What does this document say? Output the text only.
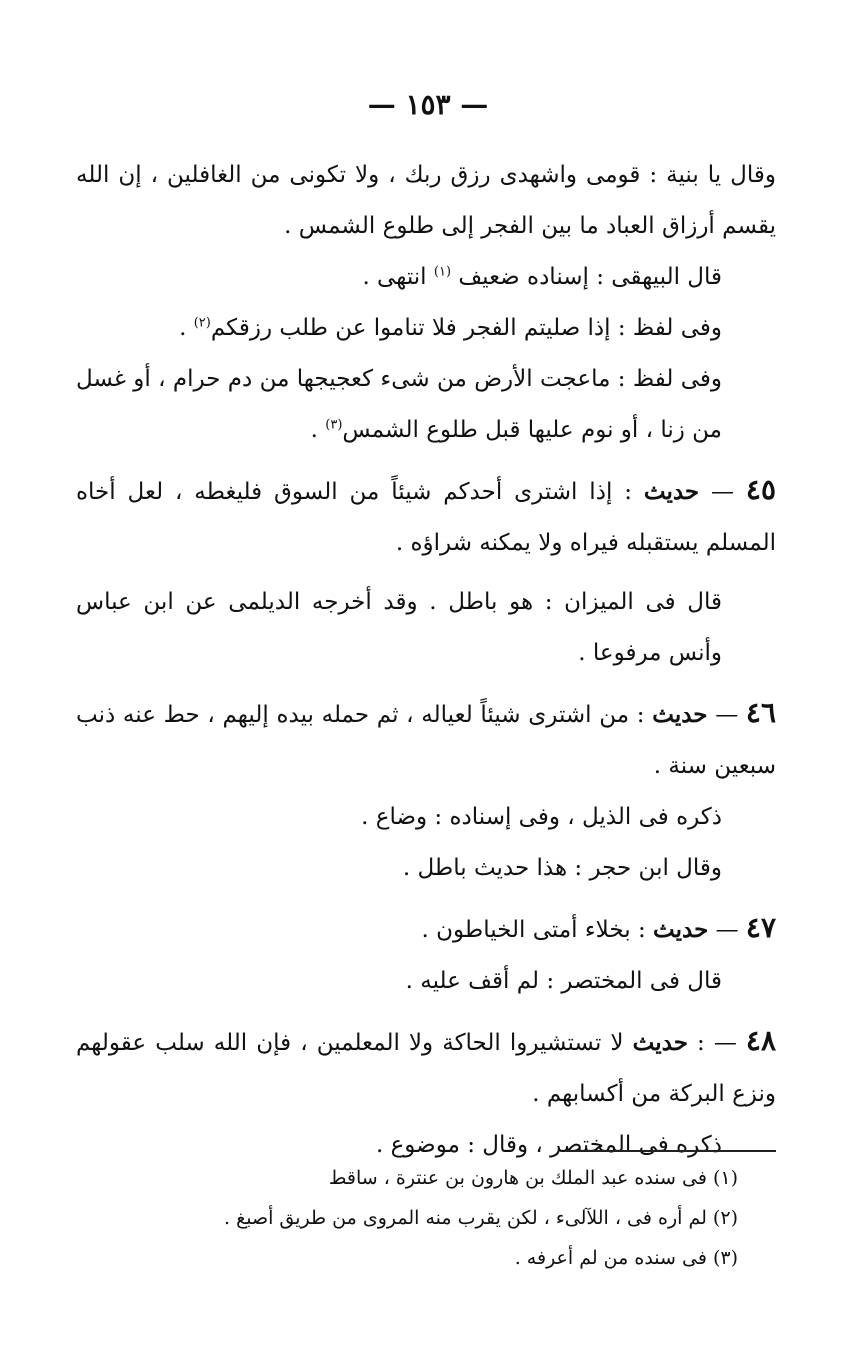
— ١٥٣ —

وقال يا بنية : قومى واشهدى رزق ربك ، ولا تكونى من الغافلين ، إن الله يقسم أرزاق العباد ما بين الفجر إلى طلوع الشمس .

قال البيهقى : إسناده ضعيف $^{(١)}$ انتهى .

وفى لفظ : إذا صليتم الفجر فلا تناموا عن طلب رزقكم$^{(٢)}$ .

وفى لفظ : ماعجت الأرض من شىء كعجيجها من دم حرام ، أو غسل من زنا ، أو نوم عليها قبل طلوع الشمس$^{(٣)}$ .

٤٥ — حديث : إذا اشترى أحدكم شيئاً من السوق فليغطه ، لعل أخاه المسلم يستقبله فيراه ولا يمكنه شراؤه .

قال فى الميزان : هو باطل . وقد أخرجه الديلمى عن ابن عباس وأنس مرفوعا .

٤٦ — حديث : من اشترى شيئاً لعياله ، ثم حمله بيده إليهم ، حط عنه ذنب سبعين سنة .

ذكره فى الذيل ، وفى إسناده : وضاع .

وقال ابن حجر : هذا حديث باطل .

٤٧ — حديث : بخلاء أمتى الخياطون .

قال فى المختصر : لم أقف عليه .

٤٨ — : حديث لا تستشيروا الحاكة ولا المعلمين ، فإن الله سلب عقولهم ونزع البركة من أكسابهم .

ذكره فى المختصر ، وقال : موضوع .

(١) فى سنده عبد الملك بن هارون بن عنترة ، ساقط

(٢) لم أره فى ، اللآلىء ، لكن يقرب منه المروى من طريق أصبغ .

(٣) فى سنده من لم أعرفه .
